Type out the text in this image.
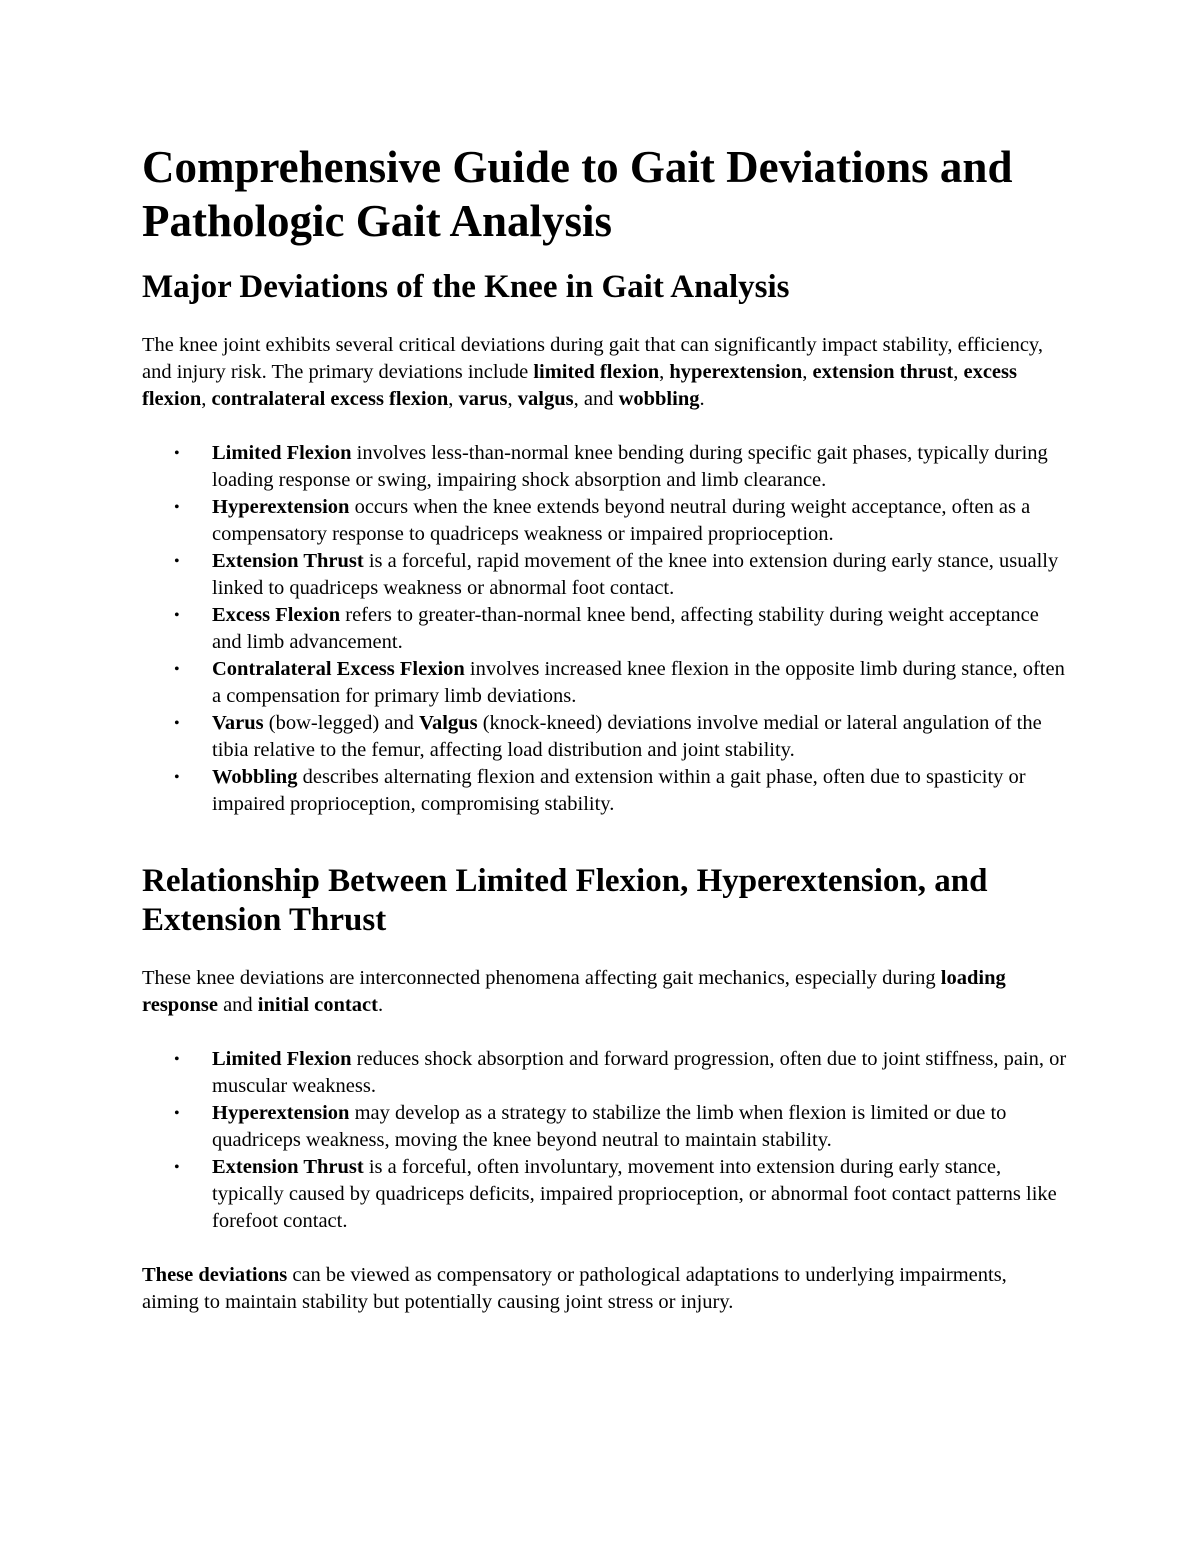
Comprehensive Guide to Gait Deviations and Pathologic Gait Analysis
Major Deviations of the Knee in Gait Analysis

The knee joint exhibits several critical deviations during gait that can significantly impact stability, efficiency, and injury risk. The primary deviations include limited flexion, hyperextension, extension thrust, excess flexion, contralateral excess flexion, varus, valgus, and wobbling.

• Limited Flexion involves less-than-normal knee bending during specific gait phases, typically during loading response or swing, impairing shock absorption and limb clearance.
• Hyperextension occurs when the knee extends beyond neutral during weight acceptance, often as a compensatory response to quadriceps weakness or impaired proprioception.
• Extension Thrust is a forceful, rapid movement of the knee into extension during early stance, usually linked to quadriceps weakness or abnormal foot contact.
• Excess Flexion refers to greater-than-normal knee bend, affecting stability during weight acceptance and limb advancement.
• Contralateral Excess Flexion involves increased knee flexion in the opposite limb during stance, often a compensation for primary limb deviations.
• Varus (bow-legged) and Valgus (knock-kneed) deviations involve medial or lateral angulation of the tibia relative to the femur, affecting load distribution and joint stability.
• Wobbling describes alternating flexion and extension within a gait phase, often due to spasticity or impaired proprioception, compromising stability.
Relationship Between Limited Flexion, Hyperextension, and Extension Thrust

These knee deviations are interconnected phenomena affecting gait mechanics, especially during loading response and initial contact.

• Limited Flexion reduces shock absorption and forward progression, often due to joint stiffness, pain, or muscular weakness.
• Hyperextension may develop as a strategy to stabilize the limb when flexion is limited or due to quadriceps weakness, moving the knee beyond neutral to maintain stability.
• Extension Thrust is a forceful, often involuntary, movement into extension during early stance, typically caused by quadriceps deficits, impaired proprioception, or abnormal foot contact patterns like forefoot contact.

These deviations can be viewed as compensatory or pathological adaptations to underlying impairments, aiming to maintain stability but potentially causing joint stress or injury.
